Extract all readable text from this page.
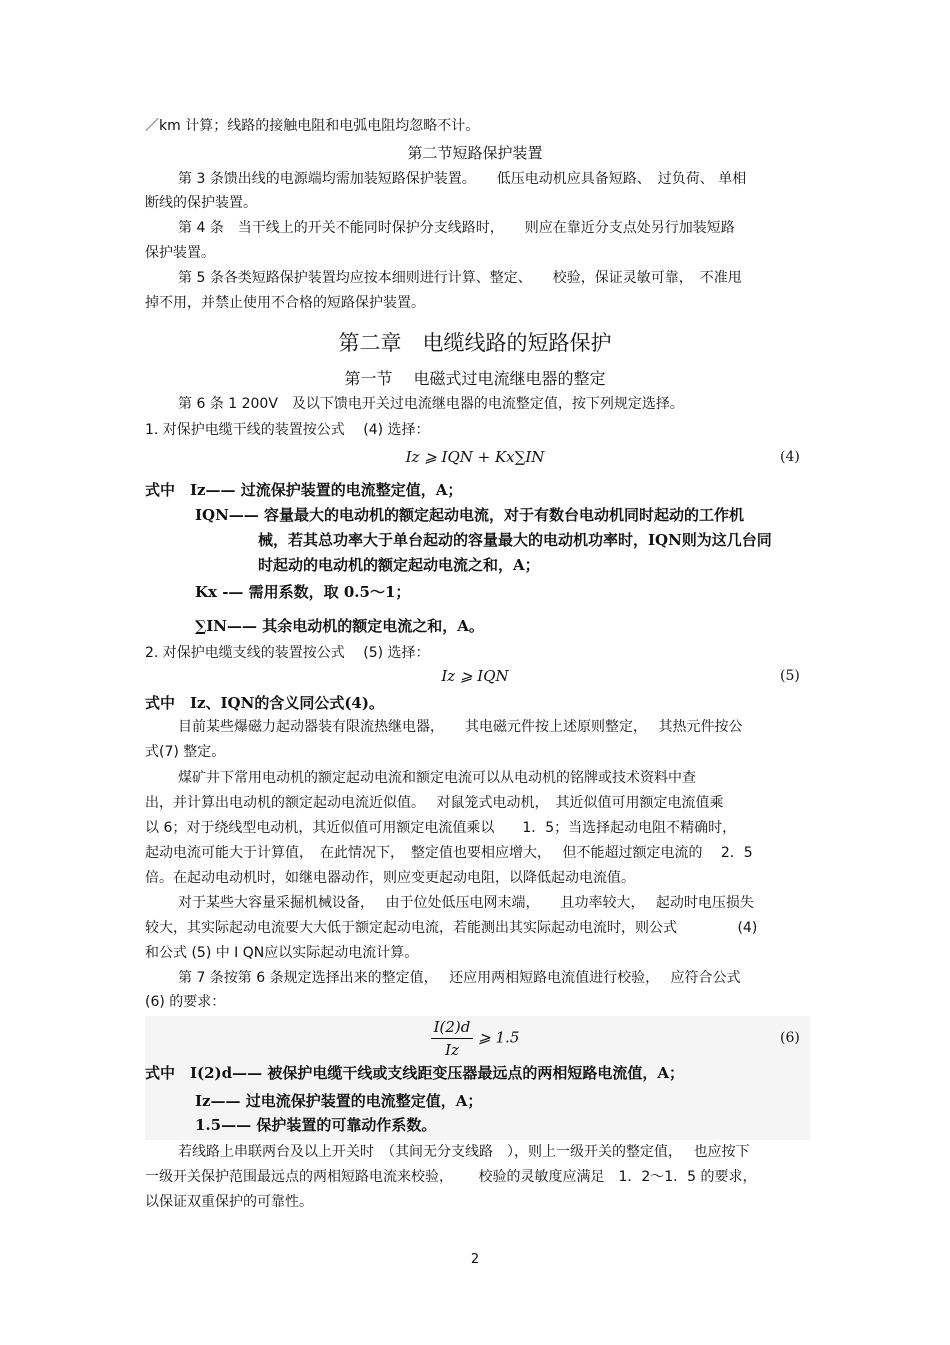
／km 计算；线路的接触电阻和电弧电阻均忽略不计。
第二节短路保护装置
第 3 条馈出线的电源端均需加装短路保护装置。　　低压电动机应具备短路、　过负荷、 单相
断线的保护装置。
第 4 条　当干线上的开关不能同时保护分支线路时，　　则应在靠近分支点处另行加装短路
保护装置。
第 5 条各类短路保护装置均应按本细则进行计算、整定、　　校验，保证灵敏可靠，　不准甩
掉不用，并禁止使用不合格的短路保护装置。
第二章　电缆线路的短路保护
第一节　 电磁式过电流继电器的整定
第 6 条 1 200V　及以下馈电开关过电流继电器的电流整定值，按下列规定选择。
1. 对保护电缆干线的装置按公式　 (4) 选择：
Iz ⩾ IQN + Kx∑IN	(4)
式中　Iz—— 过流保护装置的电流整定值，A；
IQN—— 容量最大的电动机的额定起动电流，对于有数台电动机同时起动的工作机
械，若其总功率大于单台起动的容量最大的电动机功率时，IQN则为这几台同
时起动的电动机的额定起动电流之和，A；
Kx -— 需用系数，取 0.5～1；
∑IN—— 其余电动机的额定电流之和，A。
2. 对保护电缆支线的装置按公式　 (5) 选择：
Iz ⩾ IQN	(5)
式中　Iz、IQN的含义同公式(4)。
目前某些爆磁力起动器装有限流热继电器，　　其电磁元件按上述原则整定，　 其热元件按公
式(7) 整定。
煤矿井下常用电动机的额定起动电流和额定电流可以从电动机的铭牌或技术资料中查
出，并计算出电动机的额定起动电流近似值。　 对鼠笼式电动机，　其近似值可用额定电流值乘
以 6；对于绕线型电动机，其近似值可用额定电流值乘以　　1．5；当选择起动电阻不精确时，
起动电流可能大于计算值，　在此情况下，　整定值也要相应增大，　 但不能超过额定电流的　 2．5
倍。在起动电动机时，如继电器动作，则应变更起动电阻，以降低起动电流值。
对于某些大容量采掘机械设备，　 由于位处低压电网末端，　　且功率较大，　 起动时电压损失
较大，其实际起动电流要大大低于额定起动电流，若能测出其实际起动电流时，则公式　　　　 (4)
和公式 (5) 中 I QN应以实际起动电流计算。
第 7 条按第 6 条规定选择出来的整定值，　 还应用两相短路电流值进行校验，　 应符合公式
(6) 的要求：
$\frac{I(2)d}{Iz}$ ⩾ 1.5	(6)
式中　I(2)d—— 被保护电缆干线或支线距变压器最远点的两相短路电流值，A；
Iz—— 过电流保护装置的电流整定值，A；
1.5—— 保护装置的可靠动作系数。
若线路上串联两台及以上开关时　（其间无分支线路　），则上一级开关的整定值，　 也应按下
一级开关保护范围最远点的两相短路电流来校验，　　 校验的灵敏度应满足　1．2～1．5 的要求，
以保证双重保护的可靠性。
2
